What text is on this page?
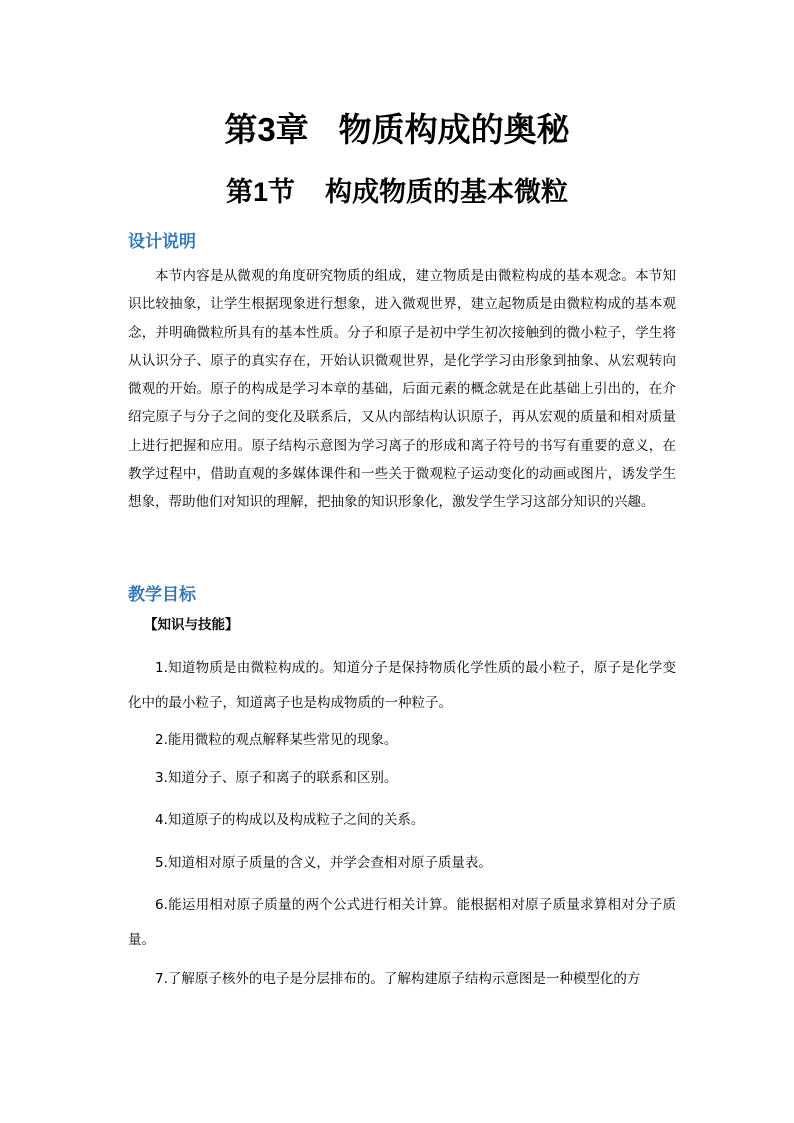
第3章 物质构成的奥秘
第1节 构成物质的基本微粒
设计说明
本节内容是从微观的角度研究物质的组成，建立物质是由微粒构成的基本观念。本节知识比较抽象，让学生根据现象进行想象，进入微观世界，建立起物质是由微粒构成的基本观念，并明确微粒所具有的基本性质。分子和原子是初中学生初次接触到的微小粒子，学生将从认识分子、原子的真实存在，开始认识微观世界，是化学学习由形象到抽象、从宏观转向微观的开始。原子的构成是学习本章的基础，后面元素的概念就是在此基础上引出的，在介绍完原子与分子之间的变化及联系后，又从内部结构认识原子，再从宏观的质量和相对质量上进行把握和应用。原子结构示意图为学习离子的形成和离子符号的书写有重要的意义，在教学过程中，借助直观的多媒体课件和一些关于微观粒子运动变化的动画或图片，诱发学生想象，帮助他们对知识的理解，把抽象的知识形象化，激发学生学习这部分知识的兴趣。
教学目标
【知识与技能】
1.知道物质是由微粒构成的。知道分子是保持物质化学性质的最小粒子，原子是化学变化中的最小粒子，知道离子也是构成物质的一种粒子。
2.能用微粒的观点解释某些常见的现象。
3.知道分子、原子和离子的联系和区别。
4.知道原子的构成以及构成粒子之间的关系。
5.知道相对原子质量的含义，并学会查相对原子质量表。
6.能运用相对原子质量的两个公式进行相关计算。能根据相对原子质量求算相对分子质量。
7.了解原子核外的电子是分层排布的。了解构建原子结构示意图是一种模型化的方
